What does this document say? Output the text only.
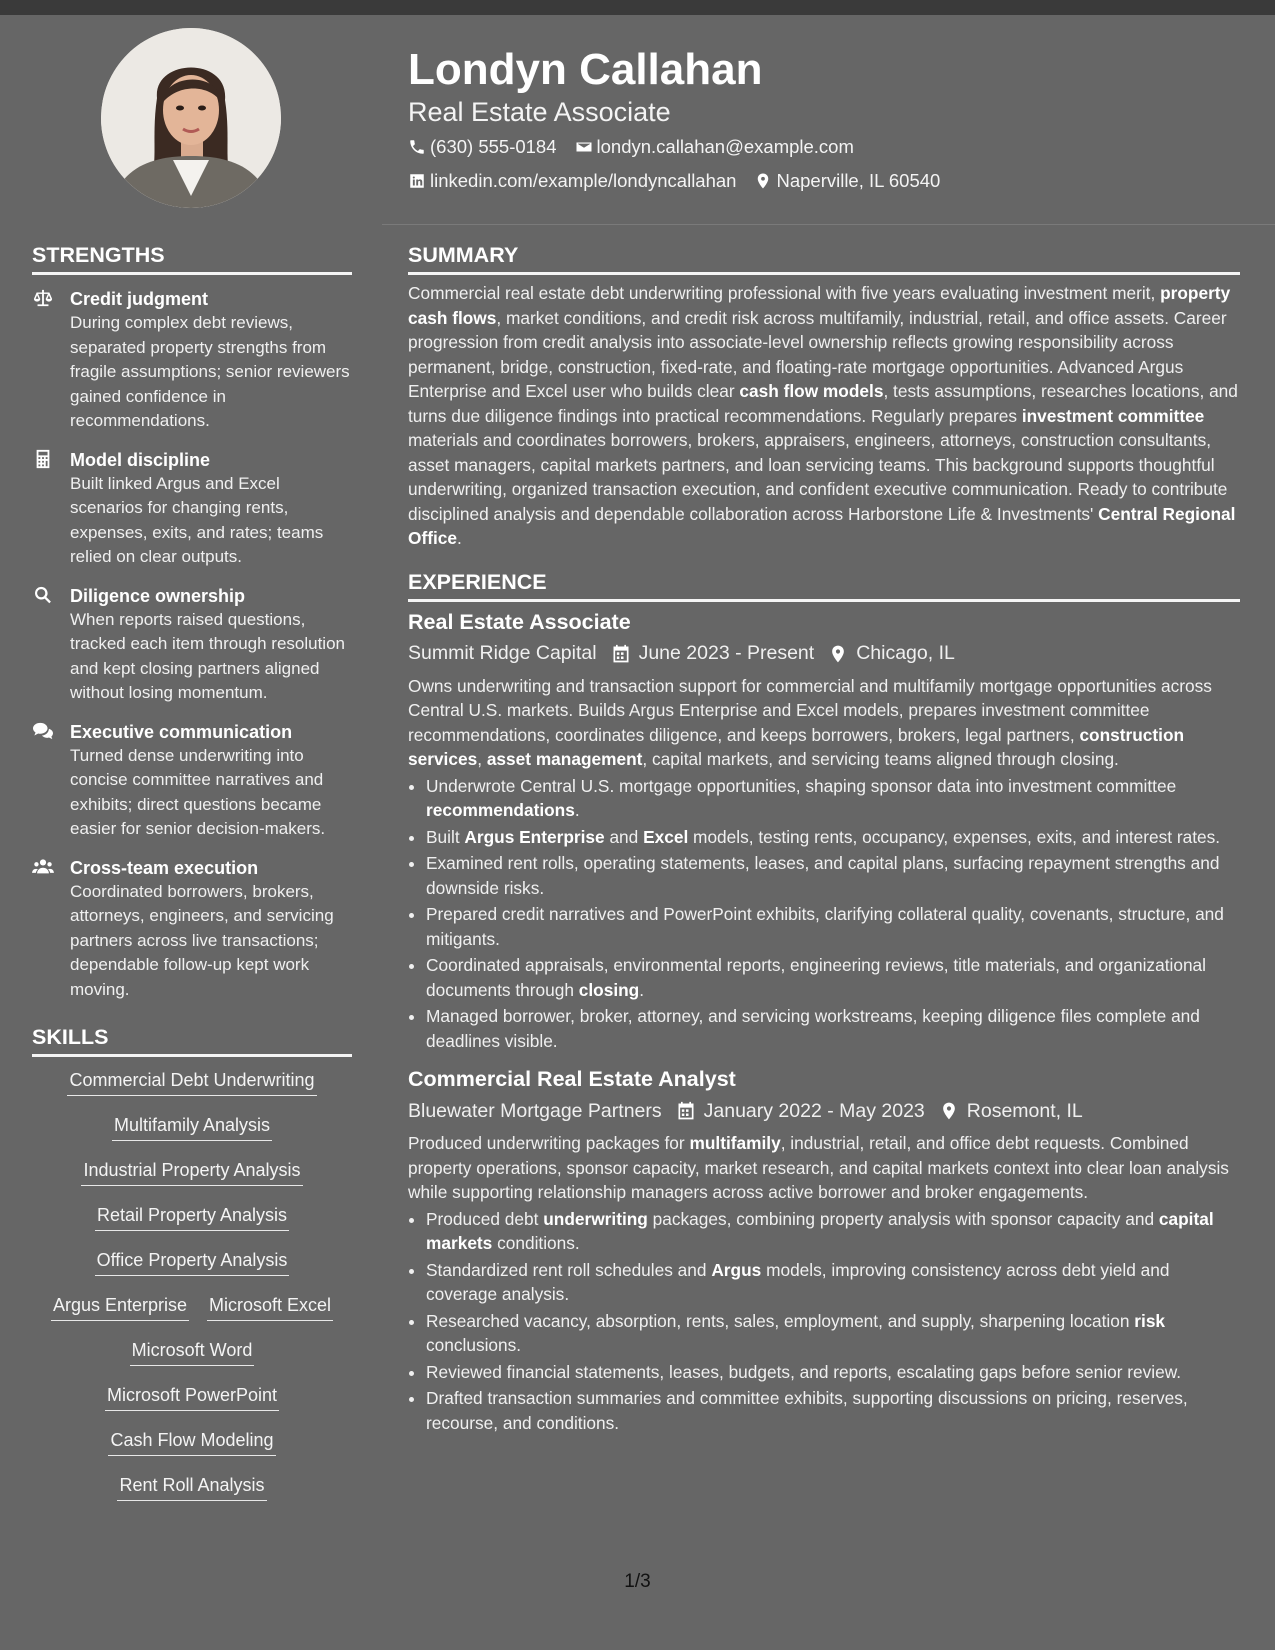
Londyn Callahan
Real Estate Associate
(630) 555-0184 londyn.callahan@example.com
linkedin.com/example/londyncallahan Naperville, IL 60540
STRENGTHS
Credit judgment
During complex debt reviews, separated property strengths from fragile assumptions; senior reviewers gained confidence in recommendations.
Model discipline
Built linked Argus and Excel scenarios for changing rents, expenses, exits, and rates; teams relied on clear outputs.
Diligence ownership
When reports raised questions, tracked each item through resolution and kept closing partners aligned without losing momentum.
Executive communication
Turned dense underwriting into concise committee narratives and exhibits; direct questions became easier for senior decision-makers.
Cross-team execution
Coordinated borrowers, brokers, attorneys, engineers, and servicing partners across live transactions; dependable follow-up kept work moving.
SKILLS
Commercial Debt Underwriting
Multifamily Analysis
Industrial Property Analysis
Retail Property Analysis
Office Property Analysis
Argus Enterprise Microsoft Excel
Microsoft Word
Microsoft PowerPoint
Cash Flow Modeling
Rent Roll Analysis
SUMMARY
Commercial real estate debt underwriting professional with five years evaluating investment merit, property cash flows, market conditions, and credit risk across multifamily, industrial, retail, and office assets. Career progression from credit analysis into associate-level ownership reflects growing responsibility across permanent, bridge, construction, fixed-rate, and floating-rate mortgage opportunities. Advanced Argus Enterprise and Excel user who builds clear cash flow models, tests assumptions, researches locations, and turns due diligence findings into practical recommendations. Regularly prepares investment committee materials and coordinates borrowers, brokers, appraisers, engineers, attorneys, construction consultants, asset managers, capital markets partners, and loan servicing teams. This background supports thoughtful underwriting, organized transaction execution, and confident executive communication. Ready to contribute disciplined analysis and dependable collaboration across Harborstone Life & Investments' Central Regional Office.
EXPERIENCE
Real Estate Associate
Summit Ridge Capital June 2023 - Present Chicago, IL
Owns underwriting and transaction support for commercial and multifamily mortgage opportunities across Central U.S. markets. Builds Argus Enterprise and Excel models, prepares investment committee recommendations, coordinates diligence, and keeps borrowers, brokers, legal partners, construction services, asset management, capital markets, and servicing teams aligned through closing.
• Underwrote Central U.S. mortgage opportunities, shaping sponsor data into investment committee recommendations.
• Built Argus Enterprise and Excel models, testing rents, occupancy, expenses, exits, and interest rates.
• Examined rent rolls, operating statements, leases, and capital plans, surfacing repayment strengths and downside risks.
• Prepared credit narratives and PowerPoint exhibits, clarifying collateral quality, covenants, structure, and mitigants.
• Coordinated appraisals, environmental reports, engineering reviews, title materials, and organizational documents through closing.
• Managed borrower, broker, attorney, and servicing workstreams, keeping diligence files complete and deadlines visible.
Commercial Real Estate Analyst
Bluewater Mortgage Partners January 2022 - May 2023 Rosemont, IL
Produced underwriting packages for multifamily, industrial, retail, and office debt requests. Combined property operations, sponsor capacity, market research, and capital markets context into clear loan analysis while supporting relationship managers across active borrower and broker engagements.
• Produced debt underwriting packages, combining property analysis with sponsor capacity and capital markets conditions.
• Standardized rent roll schedules and Argus models, improving consistency across debt yield and coverage analysis.
• Researched vacancy, absorption, rents, sales, employment, and supply, sharpening location risk conclusions.
• Reviewed financial statements, leases, budgets, and reports, escalating gaps before senior review.
• Drafted transaction summaries and committee exhibits, supporting discussions on pricing, reserves, recourse, and conditions.
1/3
